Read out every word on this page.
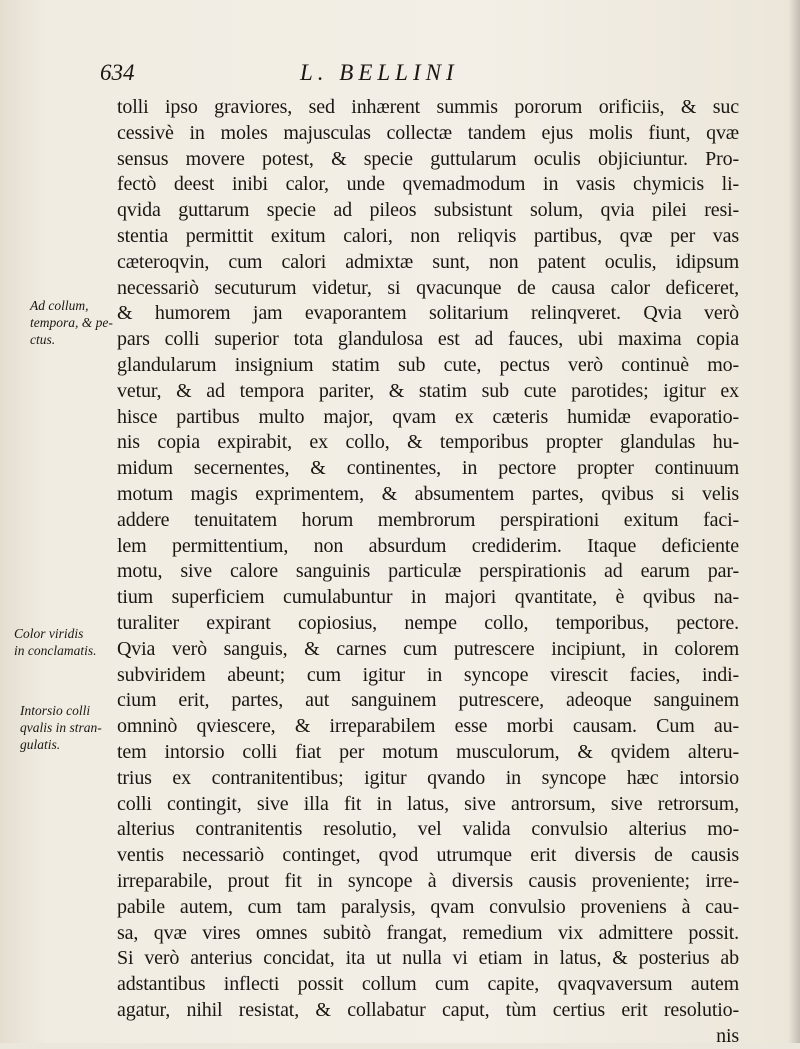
634	L. BELLINI
Ad collum,
tempora, & pe-
ctus.
Color viridis
in conclamatis.
Intorsio colli
qvalis in stran-
gulatis.
tolli ipso graviores, sed inhærent summis pororum orificiis, & suc
cessivè in moles majusculas collectæ tandem ejus molis fiunt, qvæ
sensus movere potest, & specie guttularum oculis objiciuntur. Pro-
fectò deest inibi calor, unde qvemadmodum in vasis chymicis li-
qvida guttarum specie ad pileos subsistunt solum, qvia pilei resi-
stentia permittit exitum calori, non reliqvis partibus, qvæ per vas
cæteroqvin, cum calori admixtæ sunt, non patent oculis, idipsum
necessariò secuturum videtur, si qvacunque de causa calor deficeret,
& humorem jam evaporantem solitarium relinqveret. Qvia verò
pars colli superior tota glandulosa est ad fauces, ubi maxima copia
glandularum insignium statim sub cute, pectus verò continuè mo-
vetur, & ad tempora pariter, & statim sub cute parotides; igitur ex
hisce partibus multo major, qvam ex cæteris humidæ evaporatio-
nis copia expirabit, ex collo, & temporibus propter glandulas hu-
midum secernentes, & continentes, in pectore propter continuum
motum magis exprimentem, & absumentem partes, qvibus si velis
addere tenuitatem horum membrorum perspirationi exitum faci-
lem permittentium, non absurdum crediderim. Itaque deficiente
motu, sive calore sanguinis particulæ perspirationis ad earum par-
tium superficiem cumulabuntur in majori qvantitate, è qvibus na-
turaliter expirant copiosius, nempe collo, temporibus, pectore.
Qvia verò sanguis, & carnes cum putrescere incipiunt, in colorem
subviridem abeunt; cum igitur in syncope virescit facies, indi-
cium erit, partes, aut sanguinem putrescere, adeoque sanguinem
omninò qviescere, & irreparabilem esse morbi causam. Cum au-
tem intorsio colli fiat per motum musculorum, & qvidem alteru-
trius ex contranitentibus; igitur qvando in syncope hæc intorsio
colli contingit, sive illa fit in latus, sive antrorsum, sive retrorsum,
alterius contranitentis resolutio, vel valida convulsio alterius mo-
ventis necessariò continget, qvod utrumque erit diversis de causis
irreparabile, prout fit in syncope à diversis causis proveniente; irre-
pabile autem, cum tam paralysis, qvam convulsio proveniens à cau-
sa, qvæ vires omnes subitò frangat, remedium vix admittere possit.
Si verò anterius concidat, ita ut nulla vi etiam in latus, & posterius ab
adstantibus inflecti possit collum cum capite, qvaqvaversum autem
agatur, nihil resistat, & collabatur caput, tùm certius erit resolutio-
nis
